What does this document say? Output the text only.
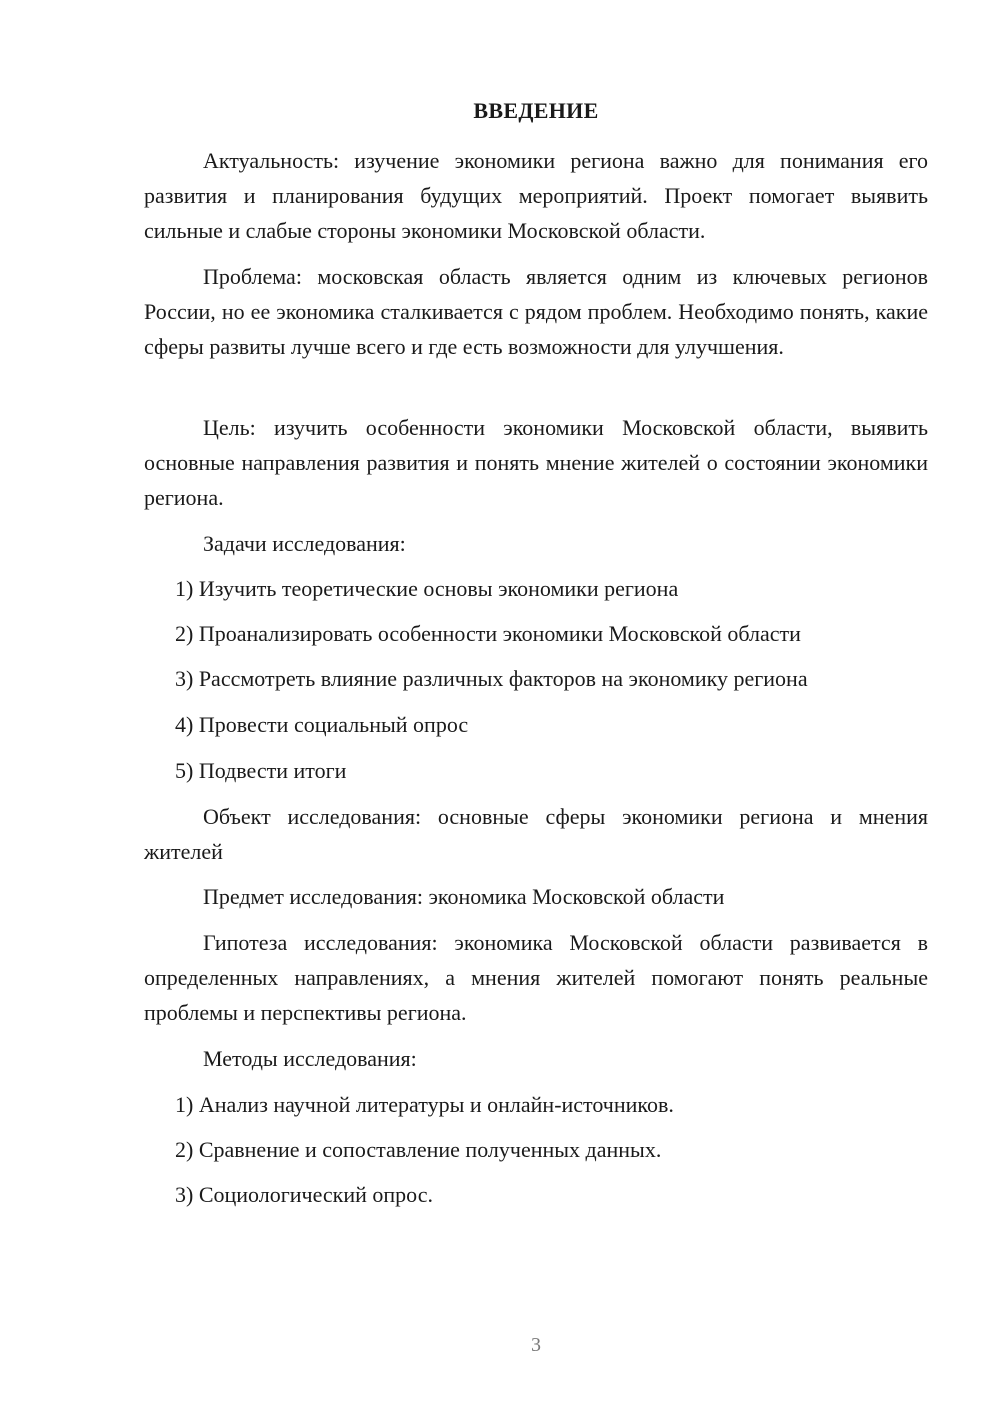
ВВЕДЕНИЕ

Актуальность: изучение экономики региона важно для понимания его развития и планирования будущих мероприятий. Проект помогает выявить сильные и слабые стороны экономики Московской области.

Проблема: московская область является одним из ключевых регионов России, но ее экономика сталкивается с рядом проблем. Необходимо понять, какие сферы развиты лучше всего и где есть возможности для улучшения.

Цель: изучить особенности экономики Московской области, выявить основные направления развития и понять мнение жителей о состоянии экономики региона.

Задачи исследования:

1) Изучить теоретические основы экономики региона

2) Проанализировать особенности экономики Московской области

3) Рассмотреть влияние различных факторов на экономику региона

4) Провести социальный опрос

5) Подвести итоги

Объект исследования: основные сферы экономики региона и мнения жителей

Предмет исследования: экономика Московской области

Гипотеза исследования: экономика Московской области развивается в определенных направлениях, а мнения жителей помогают понять реальные проблемы и перспективы региона.

Методы исследования:

1) Анализ научной литературы и онлайн-источников.

2) Сравнение и сопоставление полученных данных.

3) Социологический опрос.

3
